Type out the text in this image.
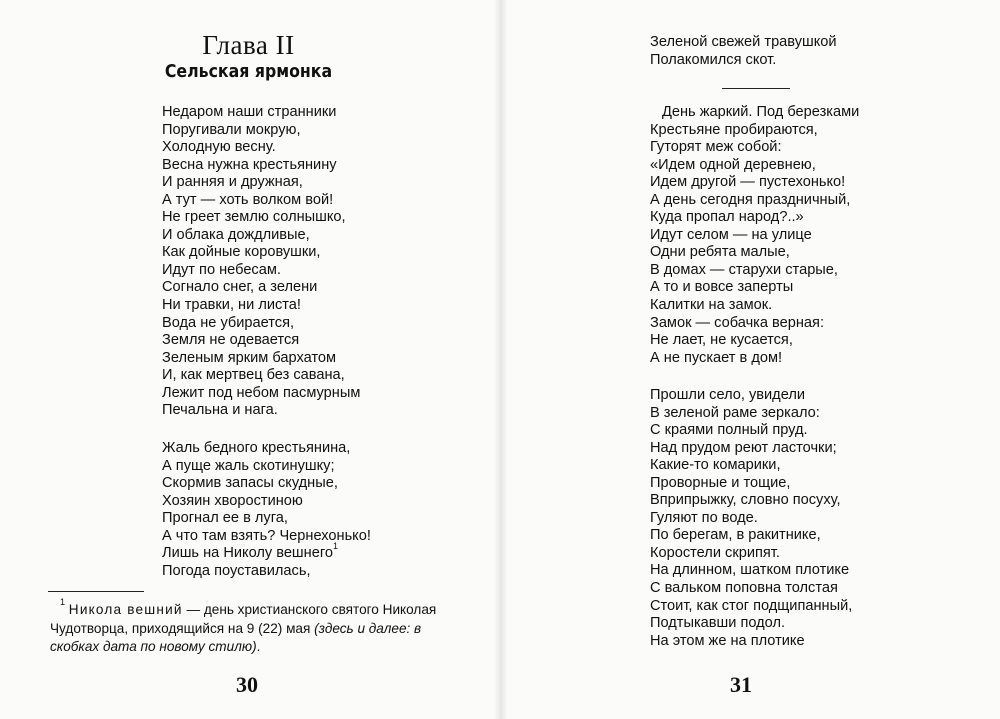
Глава II
Сельская ярмонка
Недаром наши странники
Поругивали мокрую,
Холодную весну.
Весна нужна крестьянину
И ранняя и дружная,
А тут — хоть волком вой!
Не греет землю солнышко,
И облака дождливые,
Как дойные коровушки,
Идут по небесам.
Согнало снег, а зелени
Ни травки, ни листа!
Вода не убирается,
Земля не одевается
Зеленым ярким бархатом
И, как мертвец без савана,
Лежит под небом пасмурным
Печальна и нага.
Жаль бедного крестьянина,
А пуще жаль скотинушку;
Скормив запасы скудные,
Хозяин хворостиною
Прогнал ее в луга,
А что там взять? Чернехонько!
Лишь на Николу вешнего$^1$
Погода поуставилась,
$^1$ Никола вешний — день христианского святого Николая Чудотворца, приходящийся на 9 (22) мая (здесь и далее: в скобках дата по новому стилю).
30
Зеленой свежей травушкой
Полакомился скот.
День жаркий. Под березками
Крестьяне пробираются,
Гуторят меж собой:
«Идем одной деревнею,
Идем другой — пустехонько!
А день сегодня праздничный,
Куда пропал народ?..»
Идут селом — на улице
Одни ребята малые,
В домах — старухи старые,
А то и вовсе заперты
Калитки на замок.
Замок — собачка верная:
Не лает, не кусается,
А не пускает в дом!
Прошли село, увидели
В зеленой раме зеркало:
С краями полный пруд.
Над прудом реют ласточки;
Какие-то комарики,
Проворные и тощие,
Вприпрыжку, словно посуху,
Гуляют по воде.
По берегам, в ракитнике,
Коростели скрипят.
На длинном, шатком плотике
С вальком поповна толстая
Стоит, как стог подщипанный,
Подтыкавши подол.
На этом же на плотике
31
